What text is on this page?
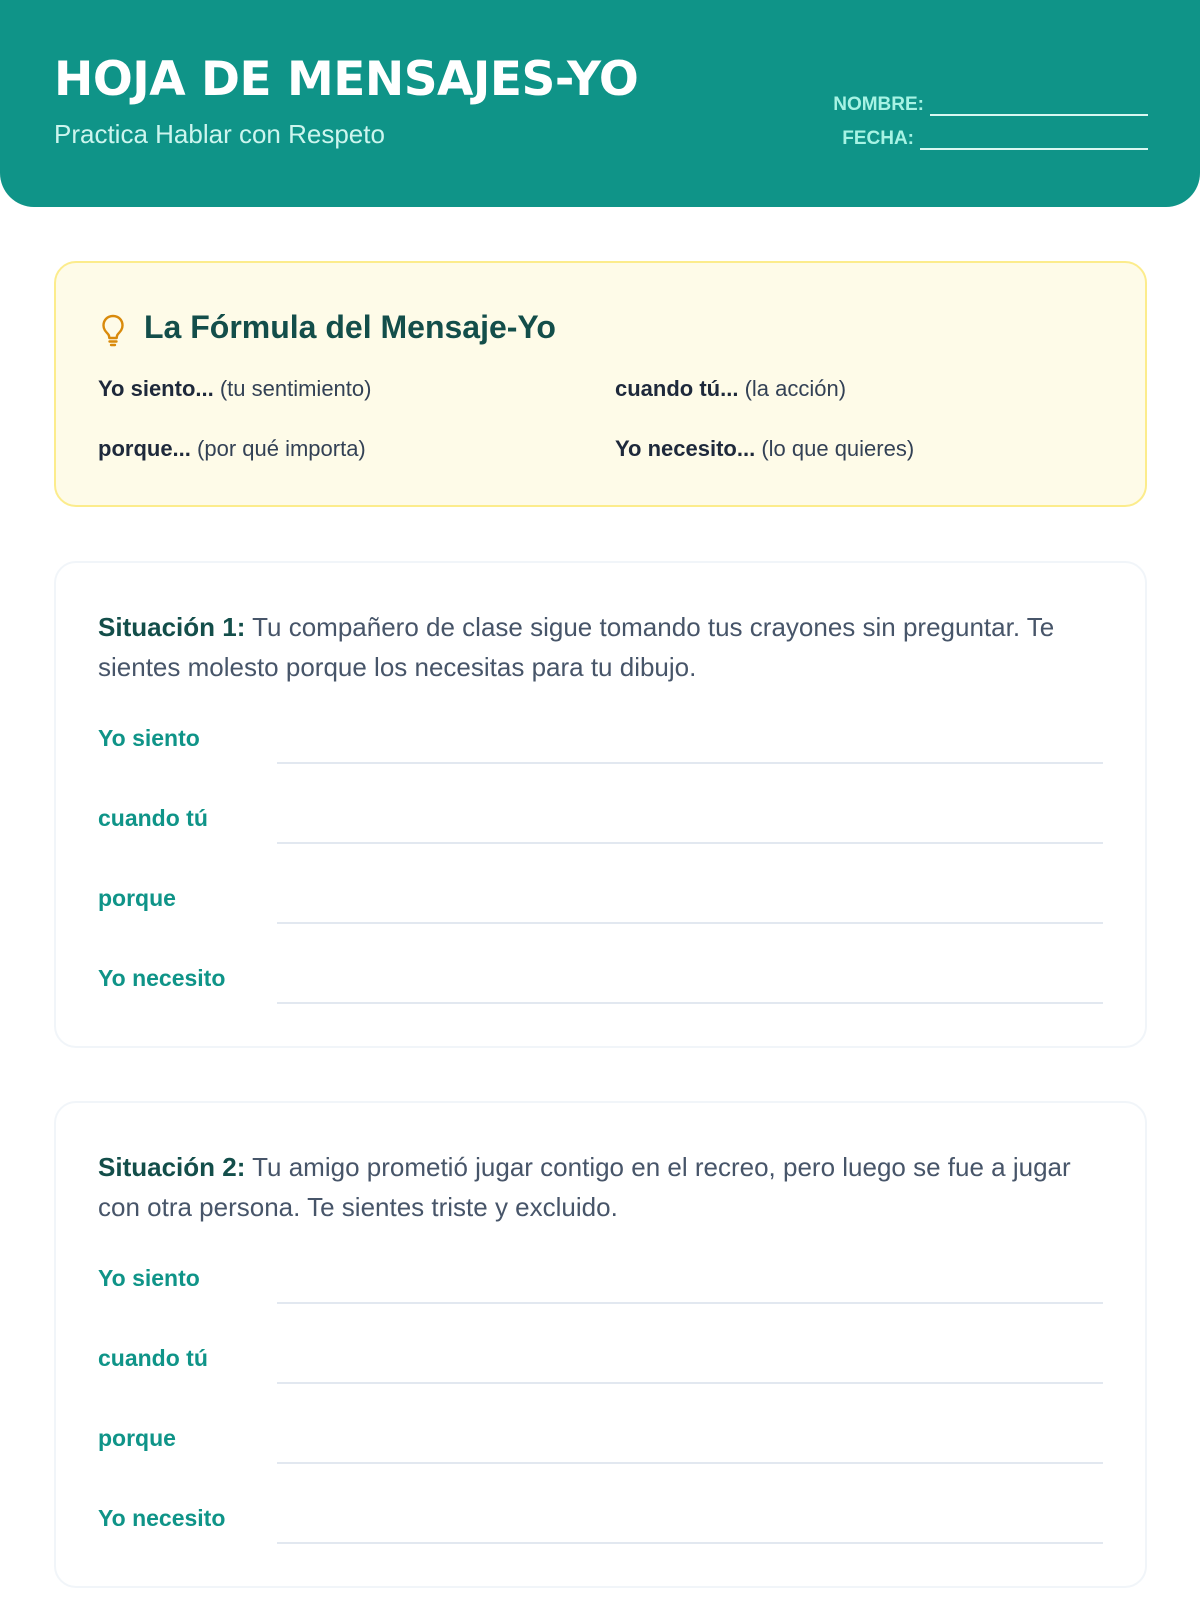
HOJA DE MENSAJES-YO
Practica Hablar con Respeto
NOMBRE:
FECHA:
La Fórmula del Mensaje-Yo
Yo siento... (tu sentimiento)	cuando tú... (la acción)
porque... (por qué importa)	Yo necesito... (lo que quieres)
Situación 1: Tu compañero de clase sigue tomando tus crayones sin preguntar. Te sientes molesto porque los necesitas para tu dibujo.
Yo siento
cuando tú
porque
Yo necesito
Situación 2: Tu amigo prometió jugar contigo en el recreo, pero luego se fue a jugar con otra persona. Te sientes triste y excluido.
Yo siento
cuando tú
porque
Yo necesito
